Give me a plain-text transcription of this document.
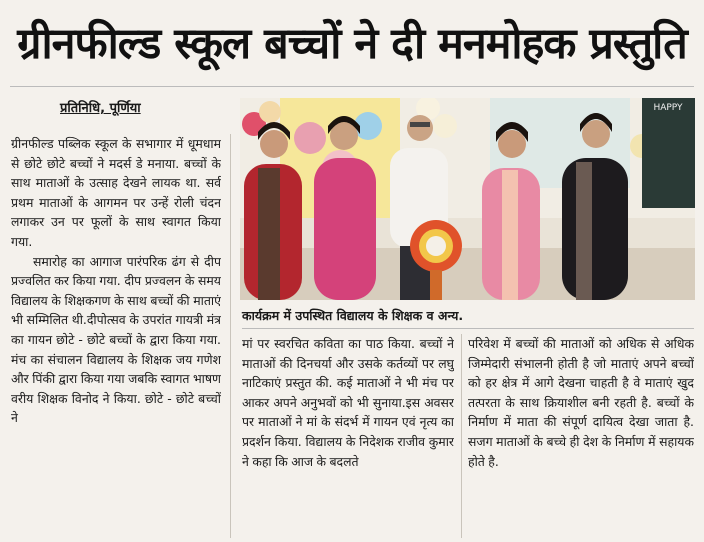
ग्रीनफील्ड स्कूल बच्चों ने दी मनमोहक प्रस्तुति
प्रतिनिधि, पूर्णिया

ग्रीनफील्ड पब्लिक स्कूल के सभागार में धूमधाम से छोटे छोटे बच्चों ने मदर्स डे मनाया. बच्चों के साथ माताओं के उत्साह देखने लायक था. सर्व प्रथम माताओं के आगमन पर उन्हें रोली चंदन लगाकर उन पर फूलों के साथ स्वागत किया गया.

समारोह का आगाज पारंपरिक ढंग से दीप प्रज्वलित कर किया गया. दीप प्रज्वलन के समय विद्यालय के शिक्षकगण के साथ बच्चों की माताएं भी सम्मिलित थी.दीपोत्सव के उपरांत गायत्री मंत्र का गायन छोटे - छोटे बच्चों के द्वारा किया गया. मंच का संचालन विद्यालय के शिक्षक जय गणेश और पिंकी द्वारा किया गया जबकि स्वागत भाषण वरीय शिक्षक विनोद ने किया. छोटे - छोटे बच्चों ने

HAPPY
कार्यक्रम में उपस्थित विद्यालय के शिक्षक व अन्य.

मां पर स्वरचित कविता का पाठ किया. बच्चों ने माताओं की दिनचर्या और उसके कर्तव्यों पर लघु नाटिकाएं प्रस्तुत की. कई माताओं ने भी मंच पर आकर अपने अनुभवों को भी सुनाया.इस अवसर पर माताओं ने मां के संदर्भ में गायन एवं नृत्य का प्रदर्शन किया. विद्यालय के निदेशक राजीव कुमार ने कहा कि आज के बदलते

परिवेश में बच्चों की माताओं को अधिक से अधिक जिम्मेदारी संभालनी होती है जो माताएं अपने बच्चों को हर क्षेत्र में आगे देखना चाहती है वे माताएं खुद तत्परता के साथ क्रियाशील बनी रहती है. बच्चों के निर्माण में माता की संपूर्ण दायित्व देखा जाता है. सजग माताओं के बच्चे ही देश के निर्माण में सहायक होते है.
